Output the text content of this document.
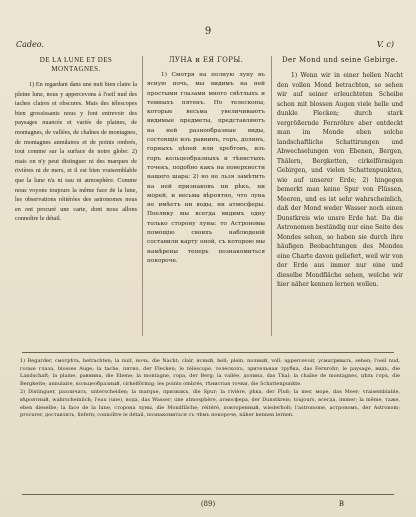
9
Cadeo.	V. c)

DE LA LUNE ET DES MONTAGNES.

1) En regardant dans une nuit bien claire la pleine lune, nous y appercevons à l'oeil nud des taches claires et obscures. Mais des télescopes bien grossissants nous y font entrevoir des paysages nuancés et variés de plaines, de montagnes, de vallées, de chaînes de montagnes, de montagnes annulaires et de points ombrés, tout comme sur la surface de notre globe: 2) mais on n'y peut distinguer ni des marques de rivières ni de mers, et il est bien vraisemblable que la lune n'a ni eau ni atmosphère. Comme nous voyons toujours la même face de la lune, les observations réitérées des astronomes nous en ont procuré une carte, dont nous allons connoître le détail.

ЛУНА и ЕЯ ГОРЫ.

1) Смотря на полную луну въ ясную ночь, мы видимъ на ней простыми глазами много свѣтлыхъ и темныхъ пятенъ. Но телескопы, которые весьма увеличиваютъ видимые предметы, представляютъ на ней разнообразные виды, состоящіе изъ равнинъ, горъ, долинъ, горныхъ цѣпей или хребтовъ, изъ горъ кольцеобразныхъ и тѣнистыхъ точекъ, подобно какъ на поверхности нашего шара: 2) но не льзя замѣтить на ней признаковъ ни рѣкъ, ни морей, и весьма вѣроятно, что луна не имѣетъ ни воды, ни атмосферы. Поелику мы всегда видимъ одну только сторону луны: то Астрономы помощію своихъ наблюденій составили карту оной, съ которою мы намѣрены теперь познакомиться покороче.

Der Mond und seine Gebirge.

1) Wenn wir in einer hellen Nacht den vollen Mond betrachten, so sehen wir auf seiner erleuchteten Scheibe schon mit blossen Augen viele helle und dunkle Flecken; durch stark vergrößernde Fernröhre aber entdeckt man im Monde eben solche landschaftliche Schattirungen und Abwechselungen von Ebenen, Bergen, Thälern, Bergketten, cirkelförmigen Gebirgen, und vielen Schattenpunkten, wie auf unserer Erde; 2) hingegen bemerkt man keine Spur von Flüssen, Meeren, und es ist sehr wahrscheinlich, daß der Mond weder Wasser noch einen Dunstkreis wie unsre Erde hat. Da die Astronomen beständig nur eine Seite des Mondes sehen, so haben sie durch ihre häufigen Beobachtungen des Mondes eine Charte davon geliefert, weil wir von der Erde aus immer nur eine und dieselbe Mondfläche sehen, welche wir hier näher kennen lernen wollen.

1) Regarder, смотрѣть, betrachten; la nuit, ночь, die Nacht; clair, ясный, hell; plein, полный, voll; appercevoir, усматривать, sehen; l'oeil nud, голые глаза, blosses Auge; la tache, пятно, der Flecken; le télescope, телескопъ, зрительная трубка, das Fernrohr; le paysage, видъ, die Landschaft; la plaine, равнина, die Ebene; la montagne, гора, der Berg; la vallée, долина, das Thal; la chaîne de montagnes, цѣпь горъ, die Bergkette; annulaire, кольцеобразный, cirkelförmig; les points ombrés, тѣнистыя точки, die Schattenpunkte.

2) Distinguer, различать, unterscheiden; la marque, признакъ, die Spur; la rivière, рѣка, der Fluß; la mer, море, das Meer; vraisemblable, вѣроятный, wahrscheinlich; l'eau (une), вода, das Wasser; une atmosphère, атмосфера, der Dunstkreis; toujours, всегда, immer; la même, таже, eben dieselbe; la face de la lune, сторона луны, die Mondfläche; réitéré, повторенный, wiederholt; l'astronome, астрономъ, der Astronom; procurer, доставлять, liefern; connoître le détail, познакомиться съ чѣмъ покороче, näher kennen lernen.

(89)	B
